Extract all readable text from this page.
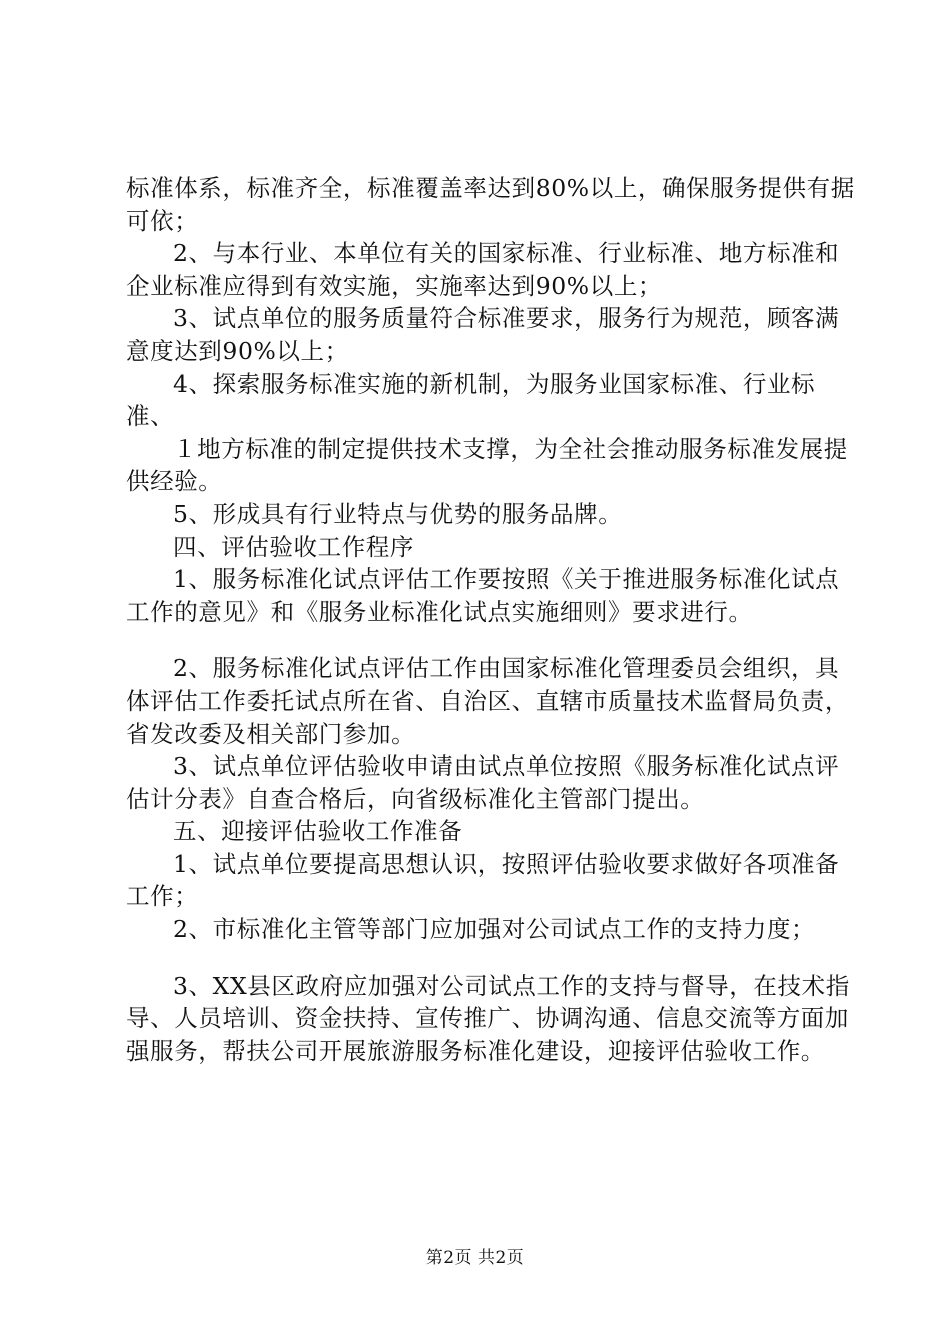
标准体系，标准齐全，标准覆盖率达到80%以上，确保服务提供有据可依；

2、与本行业、本单位有关的国家标准、行业标准、地方标准和企业标准应得到有效实施，实施率达到90%以上；

3、试点单位的服务质量符合标准要求，服务行为规范，顾客满意度达到90%以上；

4、探索服务标准实施的新机制，为服务业国家标准、行业标准、

１地方标准的制定提供技术支撑，为全社会推动服务标准发展提供经验。

5、形成具有行业特点与优势的服务品牌。

四、评估验收工作程序

1、服务标准化试点评估工作要按照《关于推进服务标准化试点工作的意见》和《服务业标准化试点实施细则》要求进行。

2、服务标准化试点评估工作由国家标准化管理委员会组织，具体评估工作委托试点所在省、自治区、直辖市质量技术监督局负责，省发改委及相关部门参加。

3、试点单位评估验收申请由试点单位按照《服务标准化试点评估计分表》自查合格后，向省级标准化主管部门提出。

五、迎接评估验收工作准备

1、试点单位要提高思想认识，按照评估验收要求做好各项准备工作；

2、市标准化主管等部门应加强对公司试点工作的支持力度；

3、XX县区政府应加强对公司试点工作的支持与督导，在技术指导、人员培训、资金扶持、宣传推广、协调沟通、信息交流等方面加强服务，帮扶公司开展旅游服务标准化建设，迎接评估验收工作。

第2页 共2页
